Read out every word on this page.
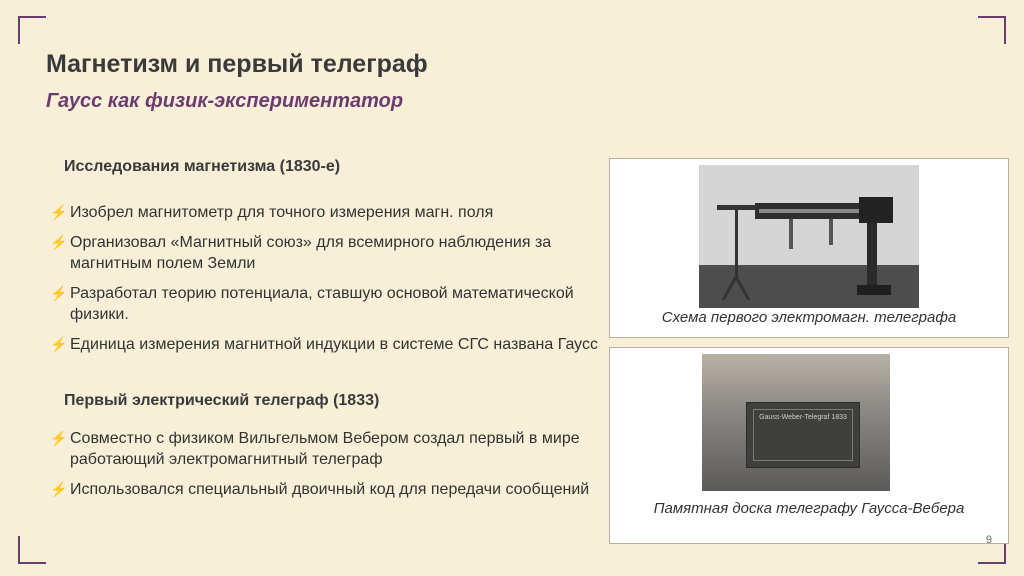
Магнетизм и первый телеграф
Гаусс как физик-экспериментатор
Исследования магнетизма (1830-е)
⚡ Изобрел магнитометр для точного измерения магн. поля
⚡ Организовал «Магнитный союз» для всемирного наблюдения за магнитным полем Земли
⚡ Разработал теорию потенциала, ставшую основой математической физики.
⚡ Единица измерения магнитной индукции в системе СГС названа Гаусс
Первый электрический телеграф (1833)
⚡ Совместно с физиком Вильгельмом Вебером создал первый в мире работающий электромагнитный телеграф
⚡ Использовался специальный двоичный код для передачи сообщений
Схема первого электромагн. телеграфа
Gauss-Weber-Telegraf 1833
Памятная доска телеграфу Гаусса-Вебера
9
